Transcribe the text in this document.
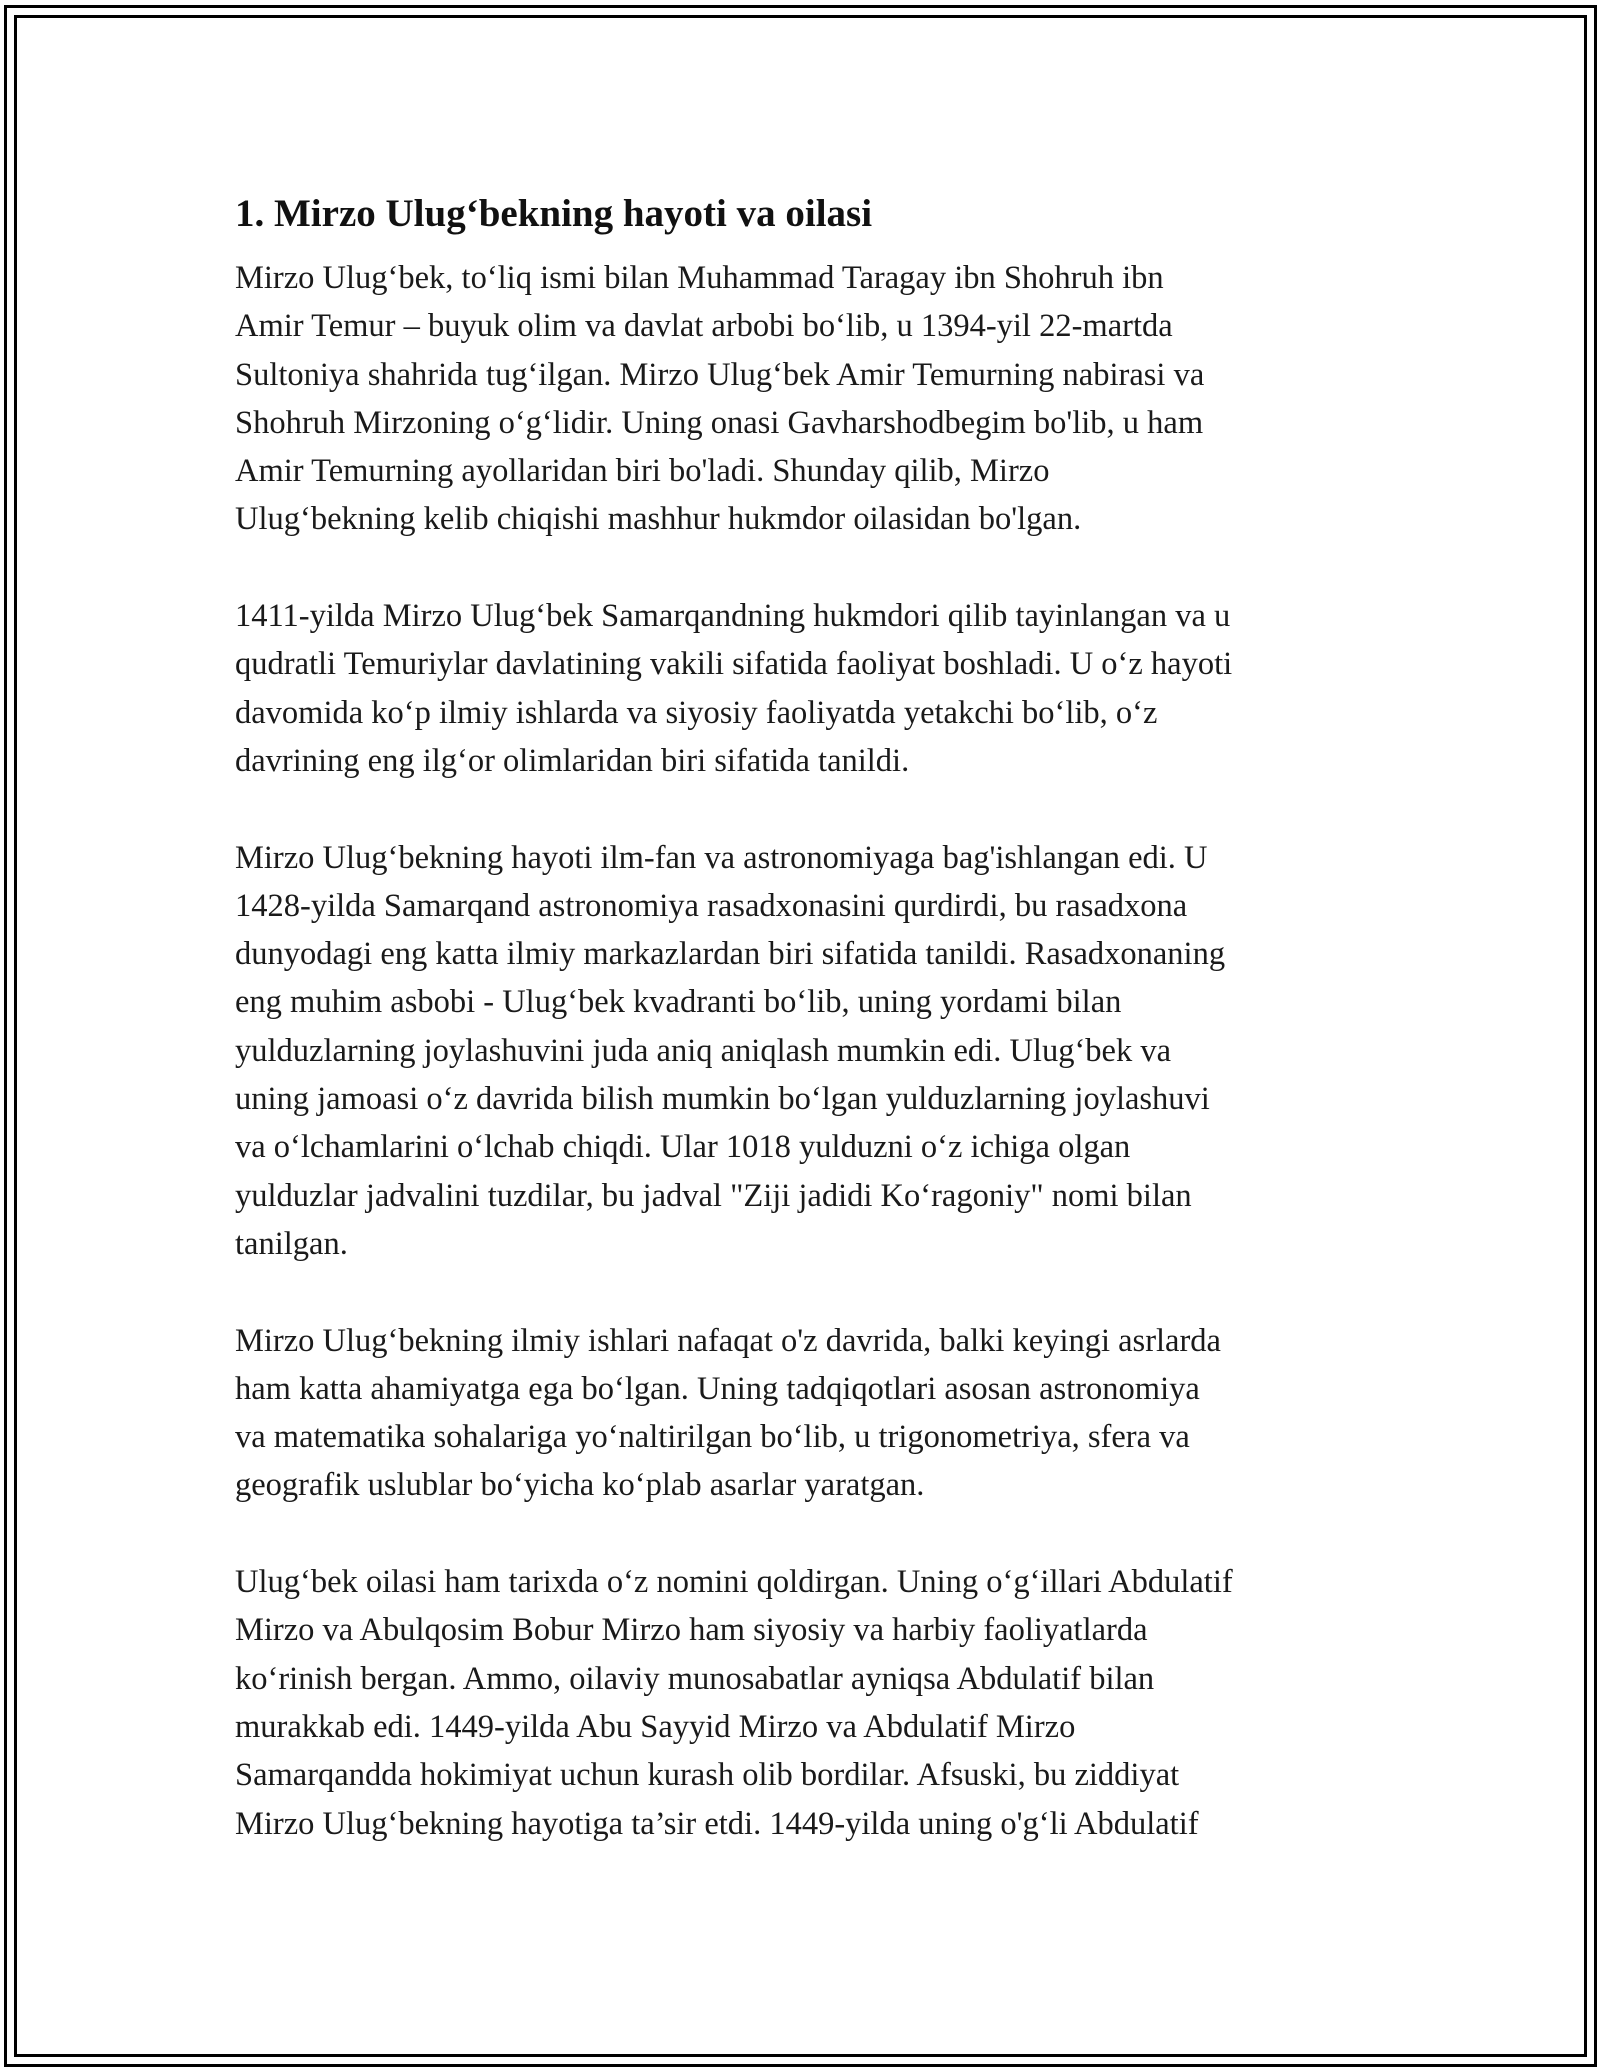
1. Mirzo Ulug‘bekning hayoti va oilasi

Mirzo Ulug‘bek, to‘liq ismi bilan Muhammad Taragay ibn Shohruh ibn
Amir Temur – buyuk olim va davlat arbobi bo‘lib, u 1394-yil 22-martda
Sultoniya shahrida tug‘ilgan. Mirzo Ulug‘bek Amir Temurning nabirasi va
Shohruh Mirzoning o‘g‘lidir. Uning onasi Gavharshodbegim bo'lib, u ham
Amir Temurning ayollaridan biri bo'ladi. Shunday qilib, Mirzo
Ulug‘bekning kelib chiqishi mashhur hukmdor oilasidan bo'lgan.

1411-yilda Mirzo Ulug‘bek Samarqandning hukmdori qilib tayinlangan va u
qudratli Temuriylar davlatining vakili sifatida faoliyat boshladi. U o‘z hayoti
davomida ko‘p ilmiy ishlarda va siyosiy faoliyatda yetakchi bo‘lib, o‘z
davrining eng ilg‘or olimlaridan biri sifatida tanildi.

Mirzo Ulug‘bekning hayoti ilm-fan va astronomiyaga bag'ishlangan edi. U
1428-yilda Samarqand astronomiya rasadxonasini qurdirdi, bu rasadxona
dunyodagi eng katta ilmiy markazlardan biri sifatida tanildi. Rasadxonaning
eng muhim asbobi - Ulug‘bek kvadranti bo‘lib, uning yordami bilan
yulduzlarning joylashuvini juda aniq aniqlash mumkin edi. Ulug‘bek va
uning jamoasi o‘z davrida bilish mumkin bo‘lgan yulduzlarning joylashuvi
va o‘lchamlarini o‘lchab chiqdi. Ular 1018 yulduzni o‘z ichiga olgan
yulduzlar jadvalini tuzdilar, bu jadval "Ziji jadidi Ko‘ragoniy" nomi bilan
tanilgan.

Mirzo Ulug‘bekning ilmiy ishlari nafaqat o'z davrida, balki keyingi asrlarda
ham katta ahamiyatga ega bo‘lgan. Uning tadqiqotlari asosan astronomiya
va matematika sohalariga yo‘naltirilgan bo‘lib, u trigonometriya, sfera va
geografik uslublar bo‘yicha ko‘plab asarlar yaratgan.

Ulug‘bek oilasi ham tarixda o‘z nomini qoldirgan. Uning o‘g‘illari Abdulatif
Mirzo va Abulqosim Bobur Mirzo ham siyosiy va harbiy faoliyatlarda
ko‘rinish bergan. Ammo, oilaviy munosabatlar ayniqsa Abdulatif bilan
murakkab edi. 1449-yilda Abu Sayyid Mirzo va Abdulatif Mirzo
Samarqandda hokimiyat uchun kurash olib bordilar. Afsuski, bu ziddiyat
Mirzo Ulug‘bekning hayotiga ta’sir etdi. 1449-yilda uning o'g‘li Abdulatif
